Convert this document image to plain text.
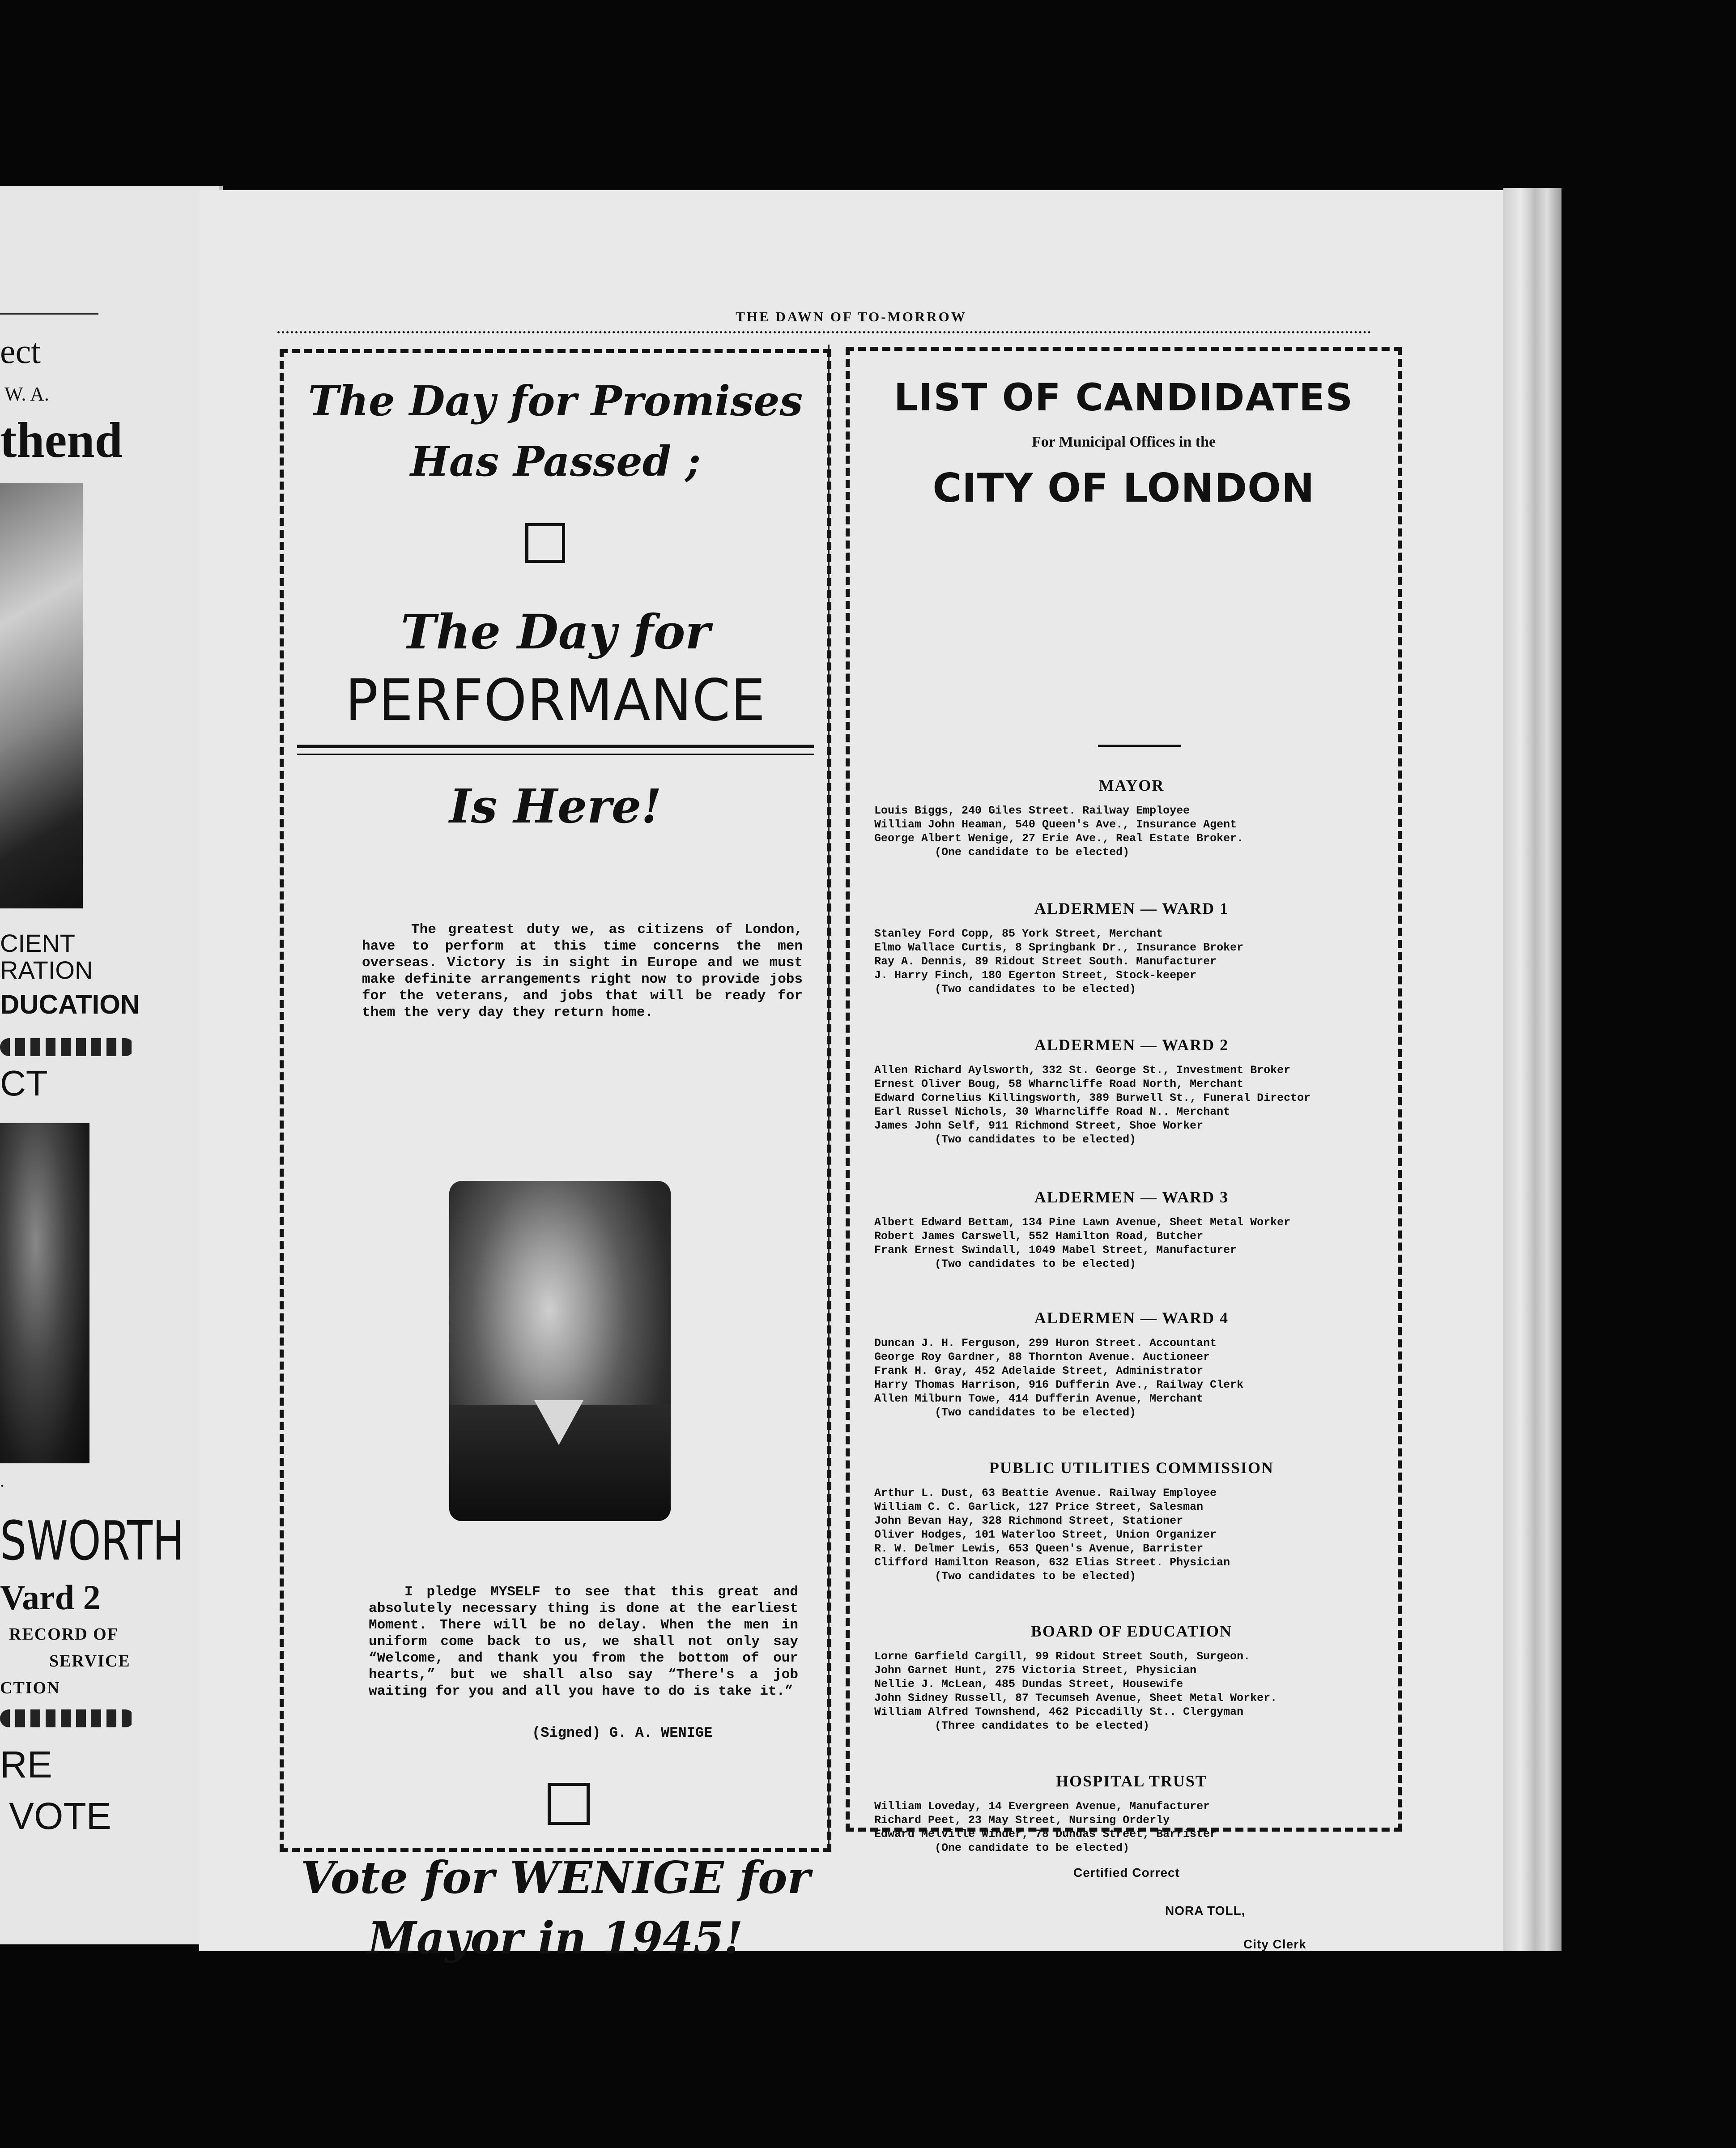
ect
W. A.
thend
CIENT
RATION
DUCATION
CT
.
SWORTH
Vard 2
RECORD OF
SERVICE
CTION
RE
VOTE
THE DAWN OF TO-MORROW
The Day for Promises
Has Passed ;
The Day for
PERFORMANCE
Is Here!

The greatest duty we, as citizens of London, have to perform at this time concerns the men overseas. Victory is in sight in Europe and we must make definite arrangements right now to provide jobs for the veterans, and jobs that will be ready for them the very day they return home.

I pledge MYSELF to see that this great and absolutely necessary thing is done at the earliest Moment. There will be no delay. When the men in uniform come back to us, we shall not only say “Welcome, and thank you from the bottom of our hearts,” but we shall also say “There's a job waiting for you and all you have to do is take it.”

(Signed) G. A. WENIGE
Vote for WENIGE for
Mayor in 1945!
LIST OF CANDIDATES
For Municipal Offices in the
CITY OF LONDON
MAYOR
Louis Biggs, 240 Giles Street. Railway Employee
William John Heaman, 540 Queen's Ave., Insurance Agent
George Albert Wenige, 27 Erie Ave., Real Estate Broker.
(One candidate to be elected)
ALDERMEN — WARD 1
Stanley Ford Copp, 85 York Street, Merchant
Elmo Wallace Curtis, 8 Springbank Dr., Insurance Broker
Ray A. Dennis, 89 Ridout Street South. Manufacturer
J. Harry Finch, 180 Egerton Street, Stock-keeper
(Two candidates to be elected)
ALDERMEN — WARD 2
Allen Richard Aylsworth, 332 St. George St., Investment Broker
Ernest Oliver Boug, 58 Wharncliffe Road North, Merchant
Edward Cornelius Killingsworth, 389 Burwell St., Funeral Director
Earl Russel Nichols, 30 Wharncliffe Road N.. Merchant
James John Self, 911 Richmond Street, Shoe Worker
(Two candidates to be elected)
ALDERMEN — WARD 3
Albert Edward Bettam, 134 Pine Lawn Avenue, Sheet Metal Worker
Robert James Carswell, 552 Hamilton Road, Butcher
Frank Ernest Swindall, 1049 Mabel Street, Manufacturer
(Two candidates to be elected)
ALDERMEN — WARD 4
Duncan J. H. Ferguson, 299 Huron Street. Accountant
George Roy Gardner, 88 Thornton Avenue. Auctioneer
Frank H. Gray, 452 Adelaide Street, Administrator
Harry Thomas Harrison, 916 Dufferin Ave., Railway Clerk
Allen Milburn Towe, 414 Dufferin Avenue, Merchant
(Two candidates to be elected)
PUBLIC UTILITIES COMMISSION
Arthur L. Dust, 63 Beattie Avenue. Railway Employee
William C. C. Garlick, 127 Price Street, Salesman
John Bevan Hay, 328 Richmond Street, Stationer
Oliver Hodges, 101 Waterloo Street, Union Organizer
R. W. Delmer Lewis, 653 Queen's Avenue, Barrister
Clifford Hamilton Reason, 632 Elias Street. Physician
(Two candidates to be elected)
BOARD OF EDUCATION
Lorne Garfield Cargill, 99 Ridout Street South, Surgeon.
John Garnet Hunt, 275 Victoria Street, Physician
Nellie J. McLean, 485 Dundas Street, Housewife
John Sidney Russell, 87 Tecumseh Avenue, Sheet Metal Worker.
William Alfred Townshend, 462 Piccadilly St.. Clergyman
(Three candidates to be elected)
HOSPITAL TRUST
William Loveday, 14 Evergreen Avenue, Manufacturer
Richard Peet, 23 May Street, Nursing Orderly
Edward Melville Winder, 78 Dundas Street, Barrister
(One candidate to be elected)
Certified Correct
NORA TOLL,
City Clerk
